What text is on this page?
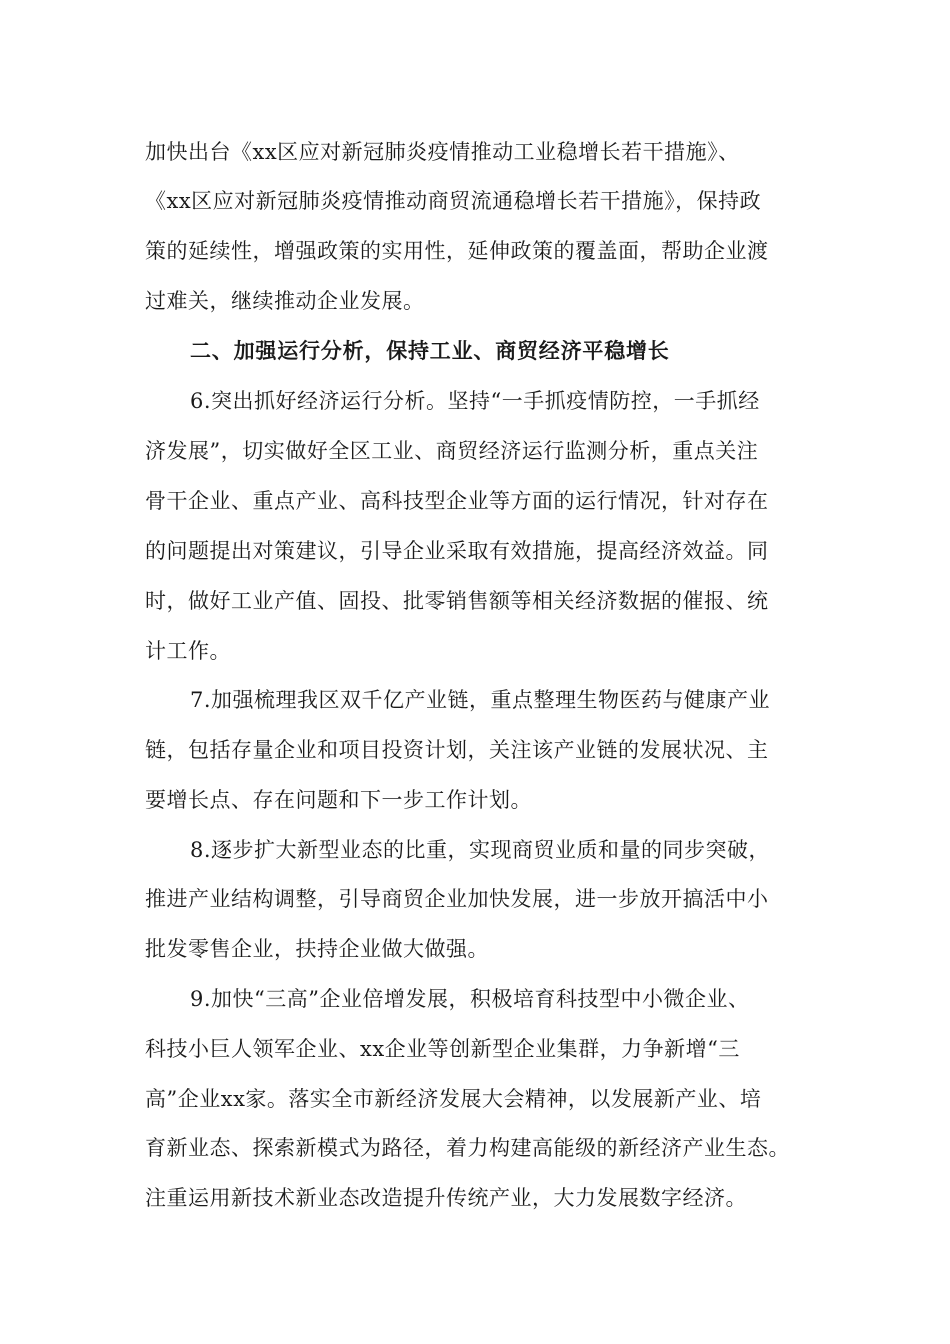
加快出台《xx区应对新冠肺炎疫情推动工业稳增长若干措施》、
《xx区应对新冠肺炎疫情推动商贸流通稳增长若干措施》，保持政
策的延续性，增强政策的实用性，延伸政策的覆盖面，帮助企业渡
过难关，继续推动企业发展。
二、加强运行分析，保持工业、商贸经济平稳增长
6.突出抓好经济运行分析。坚持“一手抓疫情防控，一手抓经
济发展”，切实做好全区工业、商贸经济运行监测分析，重点关注
骨干企业、重点产业、高科技型企业等方面的运行情况，针对存在
的问题提出对策建议，引导企业采取有效措施，提高经济效益。同
时，做好工业产值、固投、批零销售额等相关经济数据的催报、统
计工作。
7.加强梳理我区双千亿产业链，重点整理生物医药与健康产业
链，包括存量企业和项目投资计划，关注该产业链的发展状况、主
要增长点、存在问题和下一步工作计划。
8.逐步扩大新型业态的比重，实现商贸业质和量的同步突破，
推进产业结构调整，引导商贸企业加快发展，进一步放开搞活中小
批发零售企业，扶持企业做大做强。
9.加快“三高”企业倍增发展，积极培育科技型中小微企业、
科技小巨人领军企业、xx企业等创新型企业集群，力争新增“三
高”企业xx家。落实全市新经济发展大会精神，以发展新产业、培
育新业态、探索新模式为路径，着力构建高能级的新经济产业生态。
注重运用新技术新业态改造提升传统产业，大力发展数字经济。
